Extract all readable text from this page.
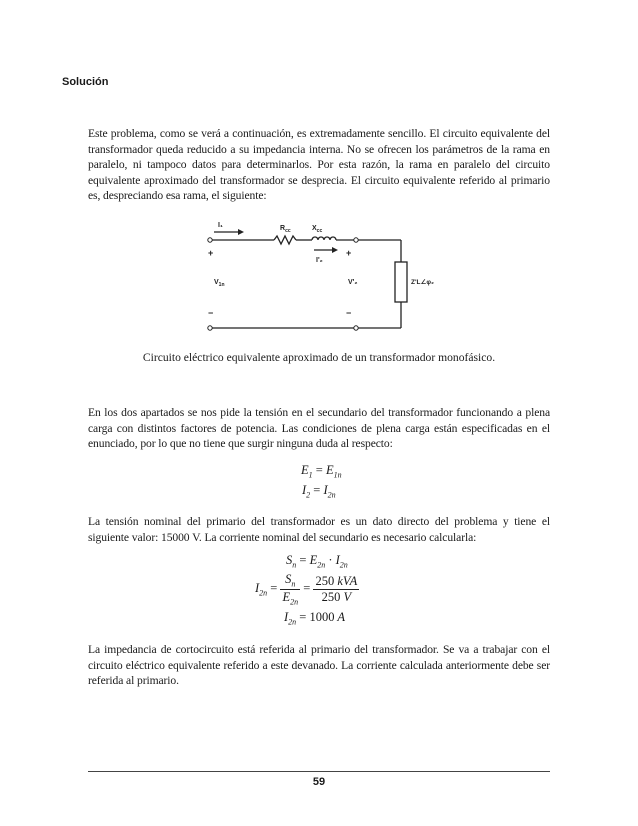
Solución

Este problema, como se verá a continuación, es extremadamente sencillo. El circuito equivalente del transformador queda reducido a su impedancia interna. No se ofrecen los parámetros de la rama en paralelo, ni tampoco datos para determinarlos. Por esta razón, la rama en paralelo del circuito equivalente aproximado del transformador se desprecia. El circuito equivalente referido al primario es, despreciando esa rama, el siguiente:

I₁	$R_{cc}$	$X_{cc}$
I'₂
+
$V_{1n}$
−
+
V'₂
−
Z'L∠φ₂
Circuito eléctrico equivalente aproximado de un transformador monofásico.

En los dos apartados se nos pide la tensión en el secundario del transformador funcionando a plena carga con distintos factores de potencia. Las condiciones de plena carga están especificadas en el enunciado, por lo que no tiene que surgir ninguna duda al respecto:

$E_1 = E_{1n}$
$I_2 = I_{2n}$

La tensión nominal del primario del transformador es un dato directo del problema y tiene el siguiente valor: 15000 V. La corriente nominal del secundario es necesario calcularla:

$S_n = E_{2n} \cdot I_{2n}$
$I_{2n} = \frac{S_n}{E_{2n}} = \frac{\text{250 kVA}}{250 V}$
$I_{2n} = 1000$ A

La impedancia de cortocircuito está referida al primario del transformador. Se va a trabajar con el circuito eléctrico equivalente referido a este devanado. La corriente calculada anteriormente debe ser referida al primario.

59
